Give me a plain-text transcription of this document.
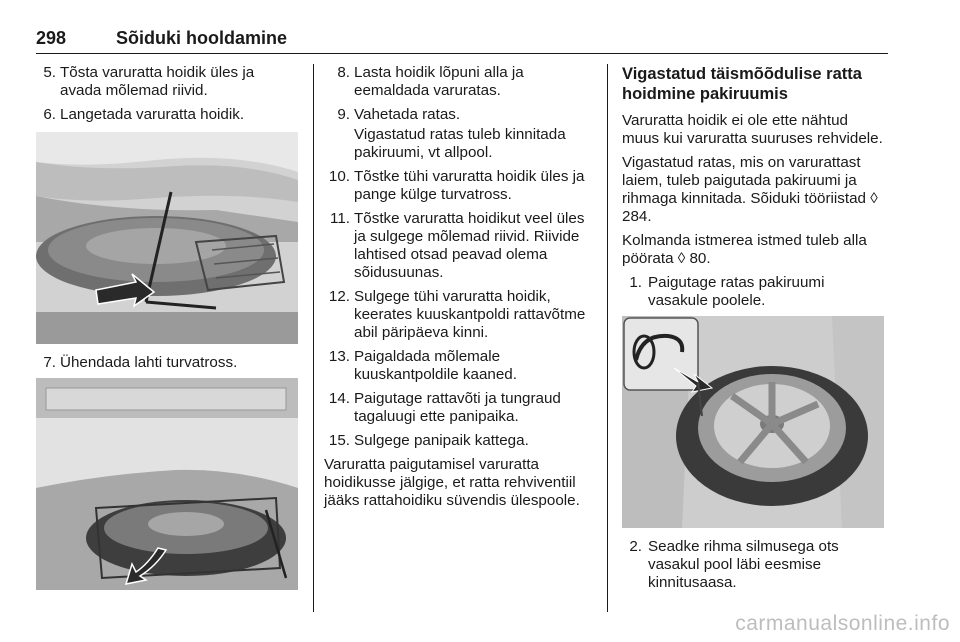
298	Sõiduki hooldamine
5. Tõsta varuratta hoidik üles ja avada mõlemad riivid.
6. Langetada varuratta hoidik.
7. Ühendada lahti turvatross.
8. Lasta hoidik lõpuni alla ja eemaldada varuratas.
9. Vahetada ratas.
Vigastatud ratas tuleb kinnitada pakiruumi, vt allpool.
10. Tõstke tühi varuratta hoidik üles ja pange külge turvatross.
11. Tõstke varuratta hoidikut veel üles ja sulgege mõlemad riivid. Riivide lahtised otsad peavad olema sõidusuunas.
12. Sulgege tühi varuratta hoidik, keerates kuuskantpoldi rattavõtme abil päripäeva kinni.
13. Paigaldada mõlemale kuuskantpoldile kaaned.
14. Paigutage rattavõti ja tungraud tagaluugi ette panipaika.
15. Sulgege panipaik kattega.
Varuratta paigutamisel varuratta hoidikusse jälgige, et ratta rehviventiil jääks rattahoidiku süvendis ülespoole.
Vigastatud täismõõdulise ratta hoidmine pakiruumis
Varuratta hoidik ei ole ette nähtud muus kui varuratta suuruses rehvidele.
Vigastatud ratas, mis on varurattast laiem, tuleb paigutada pakiruumi ja rihmaga kinnitada. Sõiduki tööriistad ◊ 284.
Kolmanda istmerea istmed tuleb alla pöörata ◊ 80.
1. Paigutage ratas pakiruumi vasakule poolele.
2. Seadke rihma silmusega ots vasakul pool läbi eesmise kinnitusaasa.
carmanualsonline.info
